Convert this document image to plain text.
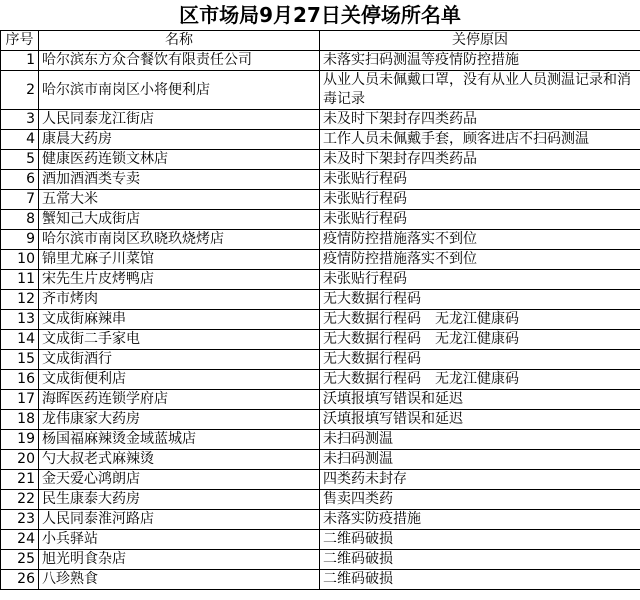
区市场局9月27日关停场所名单
序号	名称	关停原因
1	哈尔滨东方众合餐饮有限责任公司	未落实扫码测温等疫情防控措施
2	哈尔滨市南岗区小将便利店	从业人员未佩戴口罩，没有从业人员测温记录和消毒记录
3	人民同泰龙江街店	未及时下架封存四类药品
4	康晨大药房	工作人员未佩戴手套，顾客进店不扫码测温
5	健康医药连锁文林店	未及时下架封存四类药品
6	酒加酒酒类专卖	未张贴行程码
7	五常大米	未张贴行程码
8	蟹知己大成街店	未张贴行程码
9	哈尔滨市南岗区玖晓玖烧烤店	疫情防控措施落实不到位
10	锦里尤麻子川菜馆	疫情防控措施落实不到位
11	宋先生片皮烤鸭店	未张贴行程码
12	齐市烤肉	无大数据行程码
13	文成街麻辣串	无大数据行程码　无龙江健康码
14	文成街二手家电	无大数据行程码　无龙江健康码
15	文成街酒行	无大数据行程码
16	文成街便利店	无大数据行程码　无龙江健康码
17	海晖医药连锁学府店	沃填报填写错误和延迟
18	龙伟康家大药房	沃填报填写错误和延迟
19	杨国福麻辣烫金域蓝城店	未扫码测温
20	勺大叔老式麻辣烫	未扫码测温
21	金天爱心鸿朗店	四类药未封存
22	民生康泰大药房	售卖四类药
23	人民同泰淮河路店	未落实防疫措施
24	小兵驿站	二维码破损
25	旭光明食杂店	二维码破损
26	八珍熟食	二维码破损
